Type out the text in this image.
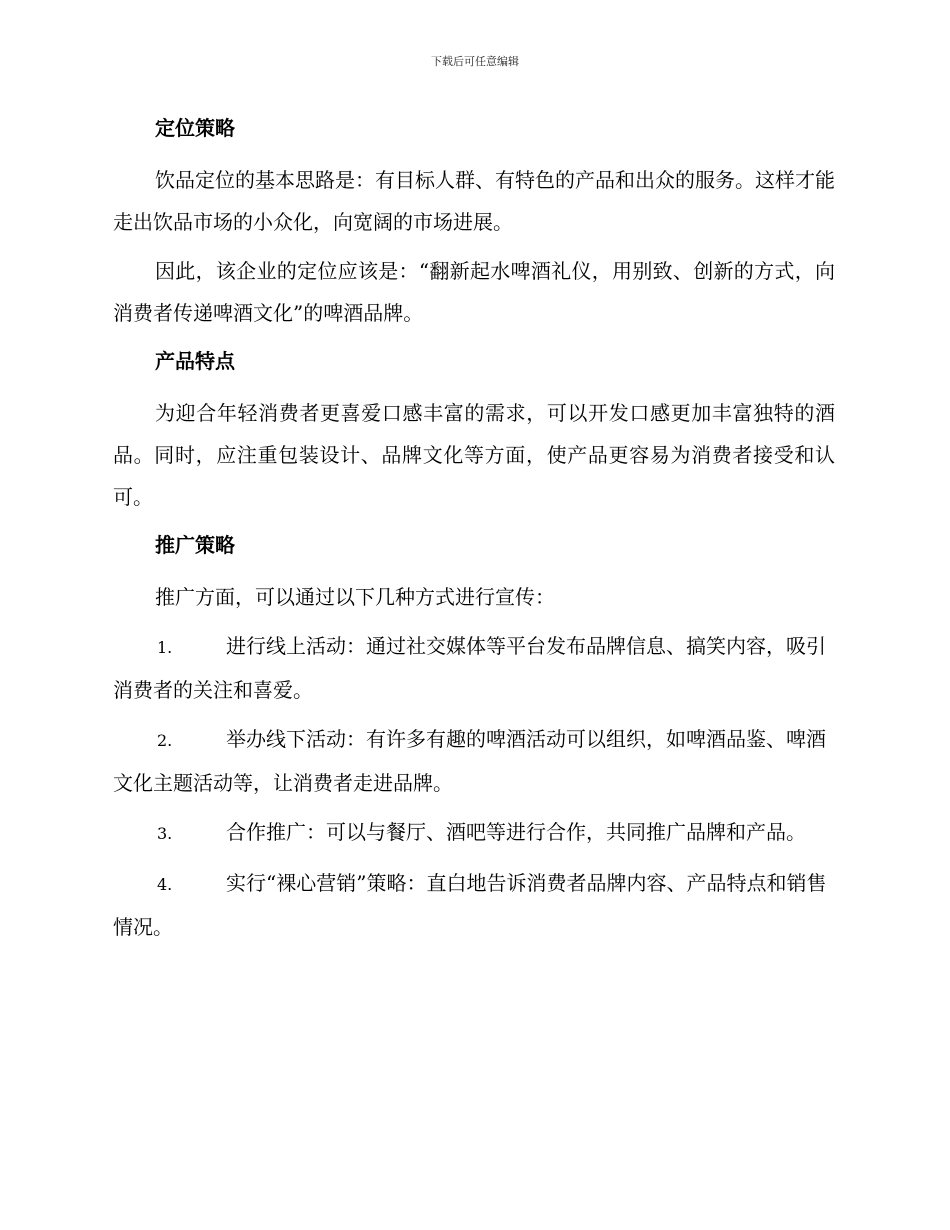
下载后可任意编辑
定位策略

饮品定位的基本思路是：有目标人群、有特色的产品和出众的服务。这样才能走出饮品市场的小众化，向宽阔的市场进展。

因此，该企业的定位应该是：“翻新起水啤酒礼仪，用别致、创新的方式，向消费者传递啤酒文化”的啤酒品牌。

产品特点

为迎合年轻消费者更喜爱口感丰富的需求，可以开发口感更加丰富独特的酒品。同时，应注重包装设计、品牌文化等方面，使产品更容易为消费者接受和认可。

推广策略

推广方面，可以通过以下几种方式进行宣传：

1.	进行线上活动：通过社交媒体等平台发布品牌信息、搞笑内容，吸引消费者的关注和喜爱。

2.	举办线下活动：有许多有趣的啤酒活动可以组织，如啤酒品鉴、啤酒文化主题活动等，让消费者走进品牌。

3.	合作推广：可以与餐厅、酒吧等进行合作，共同推广品牌和产品。

4.	实行“裸心营销”策略：直白地告诉消费者品牌内容、产品特点和销售情况。
